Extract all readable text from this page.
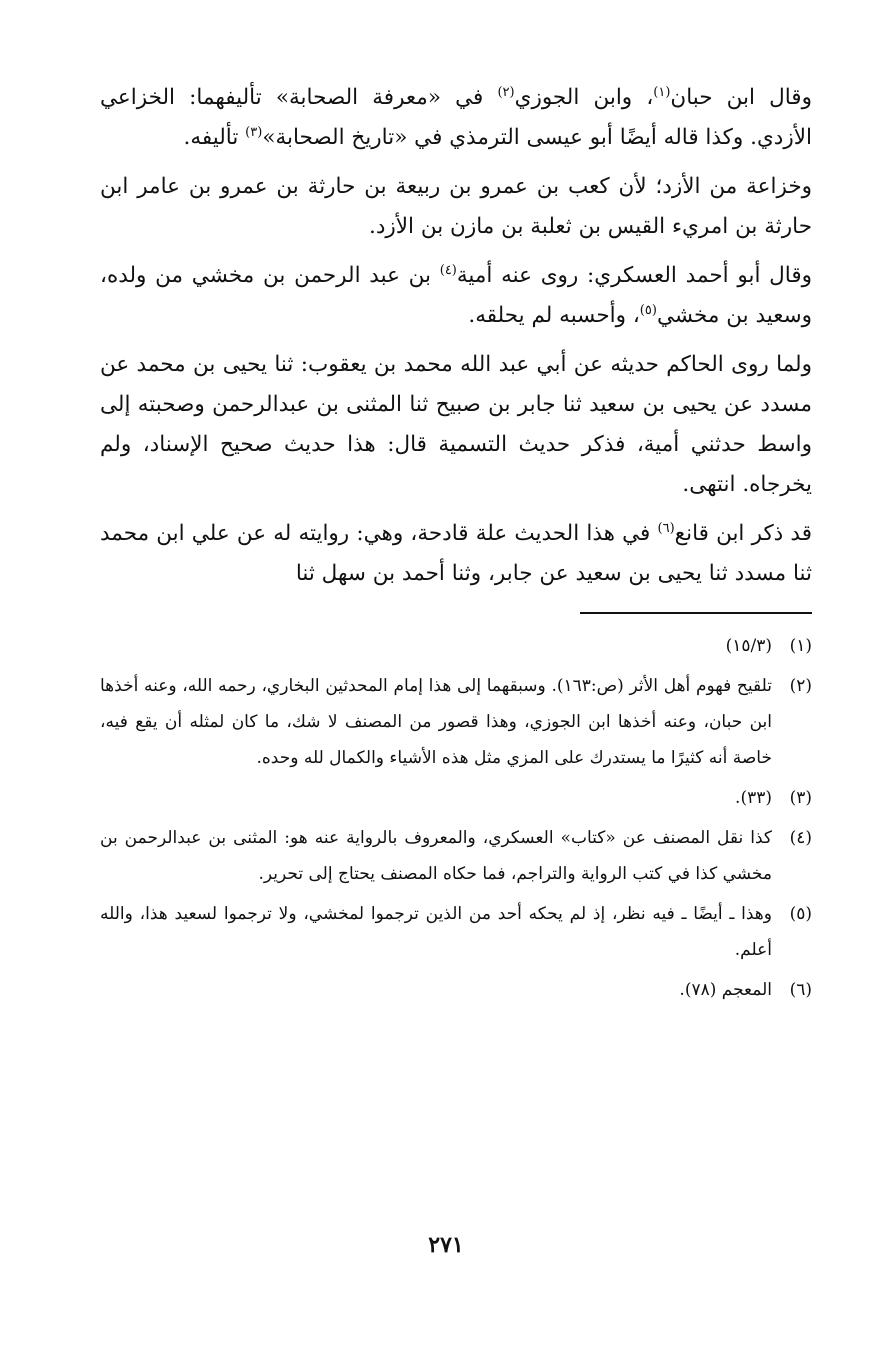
وقال ابن حبان$^{(١)}$، وابن الجوزي$^{(٢)}$ في «معرفة الصحابة» تأليفهما: الخزاعي الأزدي. وكذا قاله أيضًا أبو عيسى الترمذي في «تاريخ الصحابة»$^{(٣)}$ تأليفه.

وخزاعة من الأزد؛ لأن كعب بن عمرو بن ربيعة بن حارثة بن عمرو بن عامر ابن حارثة بن امريء القيس بن ثعلبة بن مازن بن الأزد.

وقال أبو أحمد العسكري: روى عنه أمية$^{(٤)}$ بن عبد الرحمن بن مخشي من ولده، وسعيد بن مخشي$^{(٥)}$، وأحسبه لم يحلقه.

ولما روى الحاكم حديثه عن أبي عبد الله محمد بن يعقوب: ثنا يحيى بن محمد عن مسدد عن يحيى بن سعيد ثنا جابر بن صبيح ثنا المثنى بن عبدالرحمن وصحبته إلى واسط حدثني أمية، فذكر حديث التسمية قال: هذا حديث صحيح الإسناد، ولم يخرجاه. انتهى.

قد ذكر ابن قانع$^{(٦)}$ في هذا الحديث علة قادحة، وهي: روايته له عن علي ابن محمد ثنا مسدد ثنا يحيى بن سعيد عن جابر، وثنا أحمد بن سهل ثنا

(١)
(١٥/٣)
(٢)
تلقيح فهوم أهل الأثر (ص:١٦٣). وسبقهما إلى هذا إمام المحدثين البخاري، رحمه الله، وعنه أخذها ابن حبان، وعنه أخذها ابن الجوزي، وهذا قصور من المصنف لا شك، ما كان لمثله أن يقع فيه، خاصة أنه كثيرًا ما يستدرك على المزي مثل هذه الأشياء والكمال لله وحده.
(٣)
(٣٣).
(٤)
كذا نقل المصنف عن «كتاب» العسكري، والمعروف بالرواية عنه هو: المثنى بن عبدالرحمن بن مخشي كذا في كتب الرواية والتراجم، فما حكاه المصنف يحتاج إلى تحرير.
(٥)
وهذا ـ أيضًا ـ فيه نظر، إذ لم يحكه أحد من الذين ترجموا لمخشي، ولا ترجموا لسعيد هذا، والله أعلم.
(٦)
المعجم (٧٨).
٢٧١
